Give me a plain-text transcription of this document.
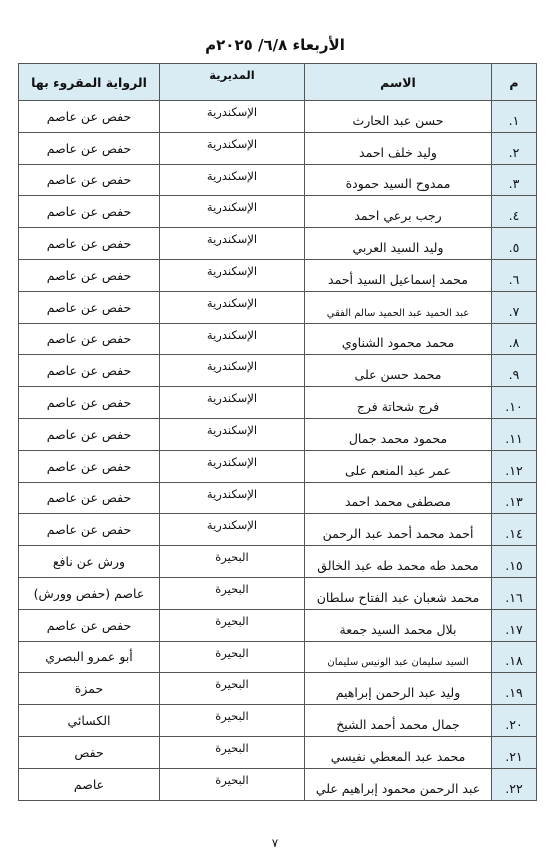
الأربعاء ٦/٨/ ٢٠٢٥م
م	الاسم	المديرية	الرواية المقروء بها
١.	حسن عبد الحارث	الإسكندرية	حفص عن عاصم
٢.	وليد خلف احمد	الإسكندرية	حفص عن عاصم
٣.	ممدوح السيد حمودة	الإسكندرية	حفص عن عاصم
٤.	رجب برعي احمد	الإسكندرية	حفص عن عاصم
٥.	وليد السيد العربي	الإسكندرية	حفص عن عاصم
٦.	محمد إسماعيل السيد أحمد	الإسكندرية	حفص عن عاصم
٧.	عبد الحميد عبد الحميد سالم الفقي	الإسكندرية	حفص عن عاصم
٨.	محمد محمود الشناوي	الإسكندرية	حفص عن عاصم
٩.	محمد حسن على	الإسكندرية	حفص عن عاصم
١٠.	فرج شحاتة فرج	الإسكندرية	حفص عن عاصم
١١.	محمود محمد جمال	الإسكندرية	حفص عن عاصم
١٢.	عمر عبد المنعم على	الإسكندرية	حفص عن عاصم
١٣.	مصطفى محمد احمد	الإسكندرية	حفص عن عاصم
١٤.	أحمد محمد أحمد عبد الرحمن	الإسكندرية	حفص عن عاصم
١٥.	محمد طه محمد طه عبد الخالق	البحيرة	ورش عن نافع
١٦.	محمد شعبان عبد الفتاح سلطان	البحيرة	عاصم (حفص وورش)
١٧.	بلال محمد السيد جمعة	البحيرة	حفص عن عاصم
١٨.	السيد سليمان عبد الونيس سليمان	البحيرة	أبو عمرو البصري
١٩.	وليد عبد الرحمن إبراهيم	البحيرة	حمزة
٢٠.	جمال محمد أحمد الشيخ	البحيرة	الكسائي
٢١.	محمد عبد المعطي نفيسي	البحيرة	حفص
٢٢.	عبد الرحمن محمود إبراهيم علي	البحيرة	عاصم
٧
